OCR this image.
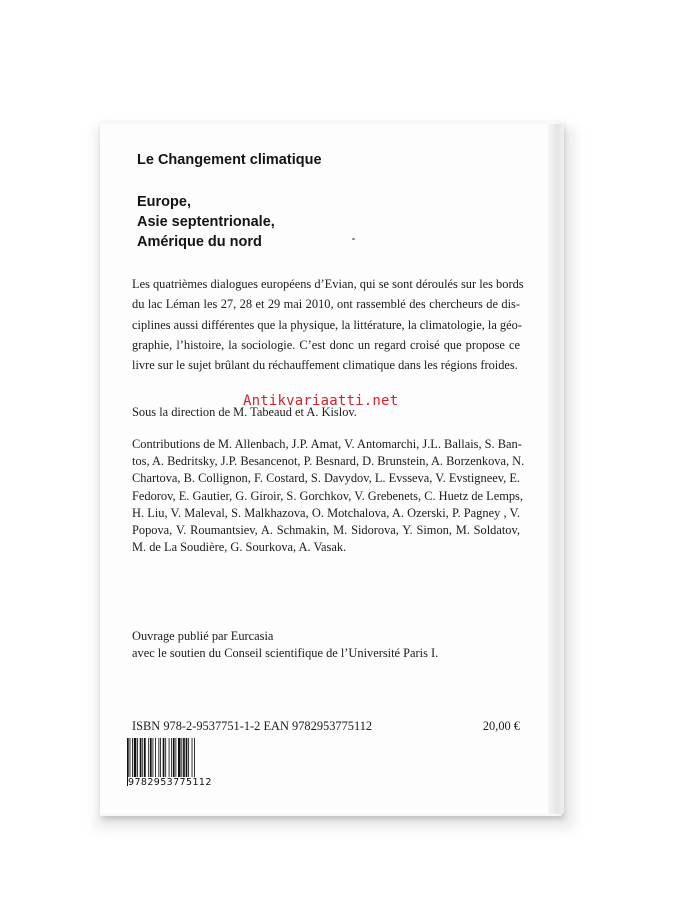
Le Changement climatique
Europe,
Asie septentrionale,
Amérique du nord
Les quatrièmes dialogues européens d’Evian, qui se sont déroulés sur les bords
du lac Léman les 27, 28 et 29 mai 2010, ont rassemblé des chercheurs de dis-
ciplines aussi différentes que la physique, la littérature, la climatologie, la géo-
graphie, l’histoire, la sociologie. C’est donc un regard croisé que propose ce
livre sur le sujet brûlant du réchauffement climatique dans les régions froides.
Antikvariaatti.net
Sous la direction de M. Tabeaud et A. Kislov.
Contributions de M. Allenbach, J.P. Amat, V. Antomarchi, J.L. Ballais, S. Ban-
tos, A. Bedritsky, J.P. Besancenot, P. Besnard, D. Brunstein, A. Borzenkova, N.
Chartova, B. Collignon, F. Costard, S. Davydov, L. Evsseva, V. Evstigneev, E.
Fedorov, E. Gautier, G. Giroir, S. Gorchkov, V. Grebenets, C. Huetz de Lemps,
H. Liu, V. Maleval, S. Malkhazova, O. Motchalova, A. Ozerski, P. Pagney , V.
Popova, V. Roumantsiev, A. Schmakin, M. Sidorova, Y. Simon, M. Soldatov,
M. de La Soudière, G. Sourkova, A. Vasak.
Ouvrage publié par Eurcasia
avec le soutien du Conseil scientifique de l’Université Paris I.
ISBN 978-2-9537751-1-2 EAN 9782953775112	20,00 €
9782953775112
